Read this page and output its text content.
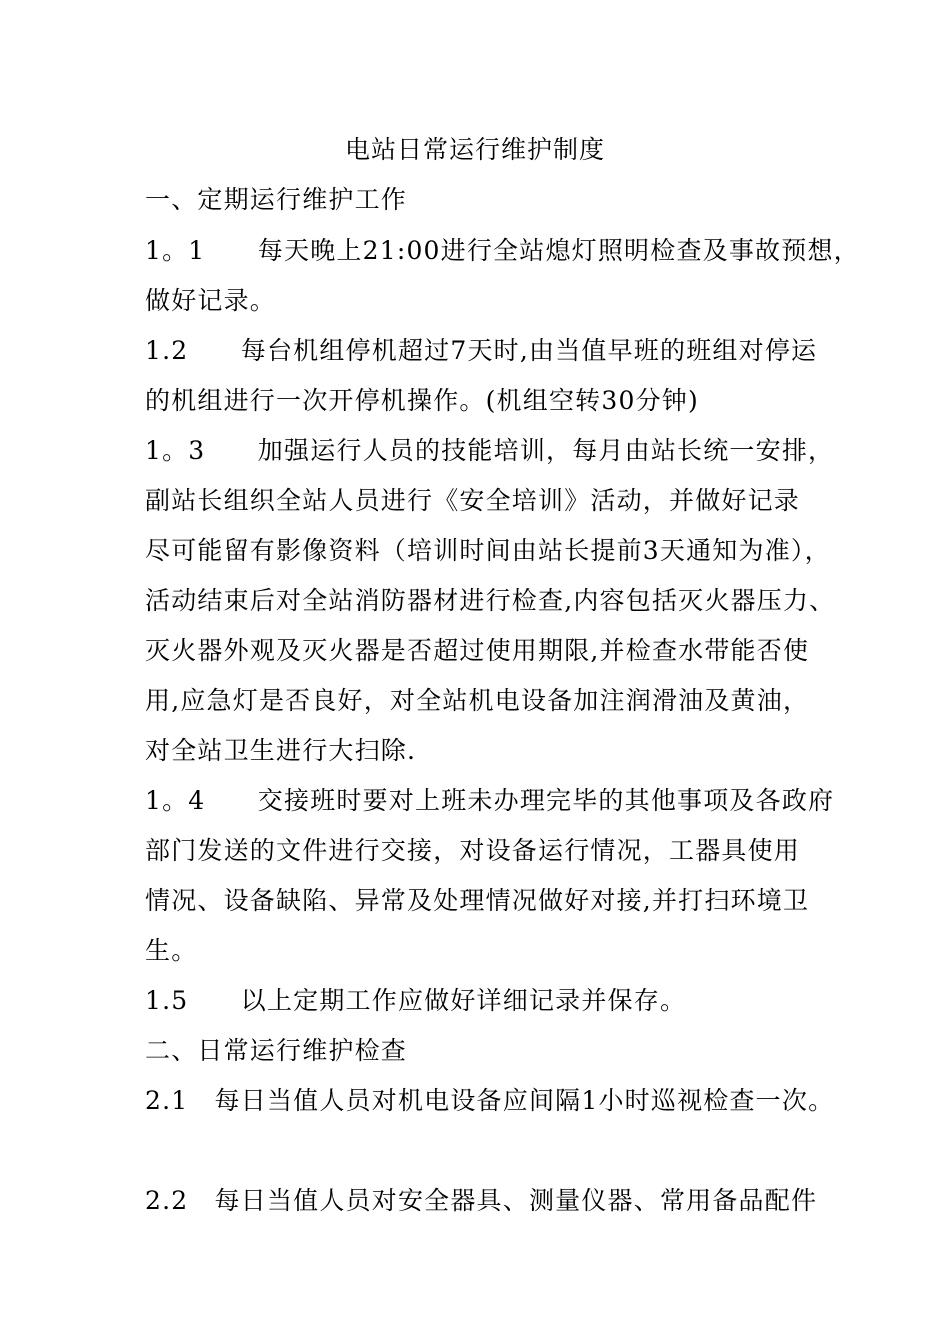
电站日常运行维护制度
一、定期运行维护工作
1。1　　每天晚上21:00进行全站熄灯照明检查及事故预想，
做好记录。
1.2　　每台机组停机超过7天时,由当值早班的班组对停运
的机组进行一次开停机操作。(机组空转30分钟)
1。3　　加强运行人员的技能培训，每月由站长统一安排，
副站长组织全站人员进行《安全培训》活动，并做好记录
尽可能留有影像资料（培训时间由站长提前3天通知为准），
活动结束后对全站消防器材进行检查,内容包括灭火器压力、
灭火器外观及灭火器是否超过使用期限,并检查水带能否使
用,应急灯是否良好，对全站机电设备加注润滑油及黄油，
对全站卫生进行大扫除.
1。4　　交接班时要对上班未办理完毕的其他事项及各政府
部门发送的文件进行交接，对设备运行情况，工器具使用
情况、设备缺陷、异常及处理情况做好对接,并打扫环境卫
生。
1.5　　以上定期工作应做好详细记录并保存。
二、日常运行维护检查
2.1　每日当值人员对机电设备应间隔1小时巡视检查一次。
2.2　每日当值人员对安全器具、测量仪器、常用备品配件
